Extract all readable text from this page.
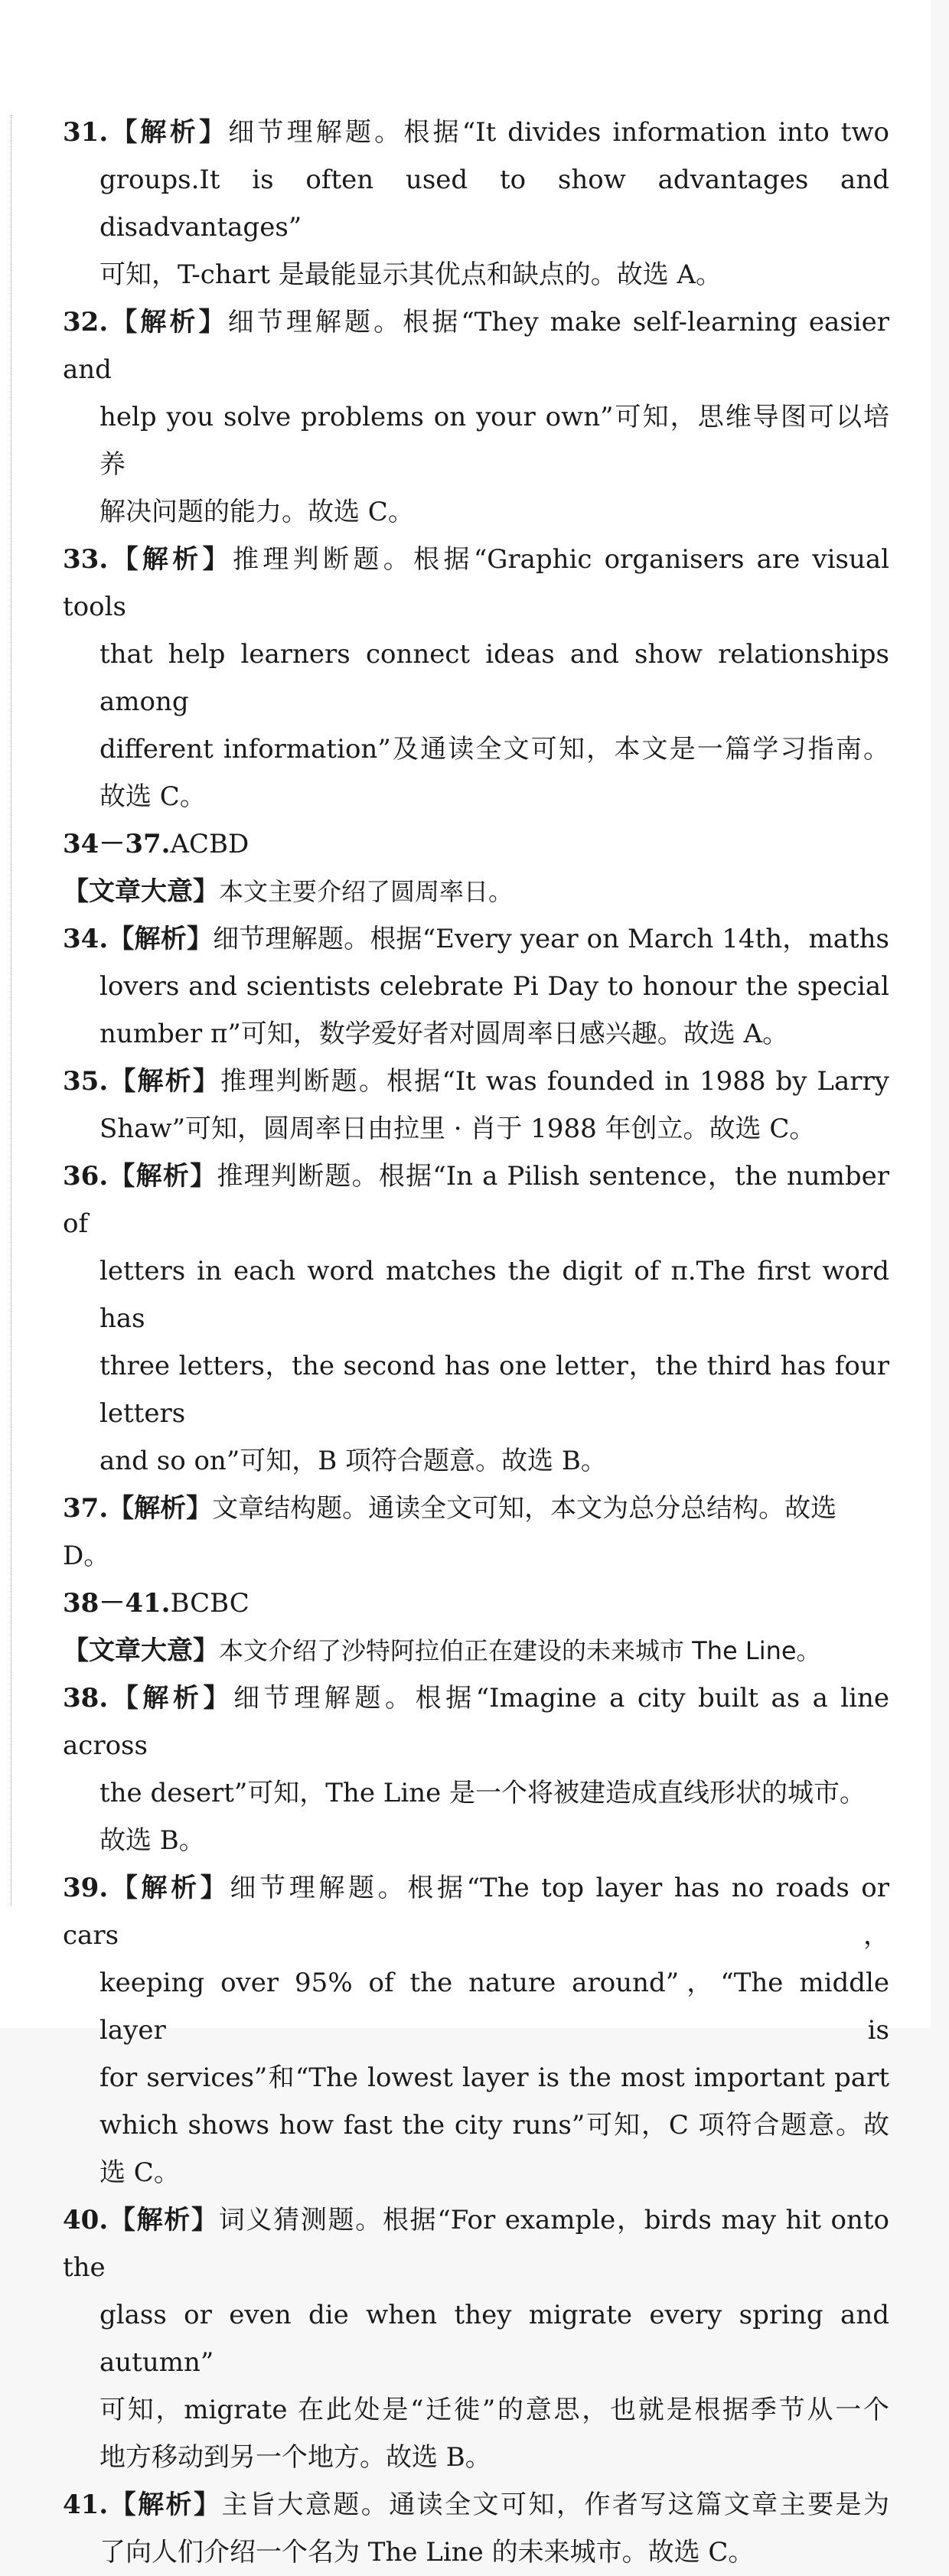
31.【解析】细节理解题。根据“It divides information into two

groups.It is often used to show advantages and disadvantages”

可知，T-chart 是最能显示其优点和缺点的。故选 A。

32.【解析】细节理解题。根据“They make self-learning easier and

help you solve problems on your own”可知，思维导图可以培养

解决问题的能力。故选 C。

33.【解析】推理判断题。根据“Graphic organisers are visual tools

that help learners connect ideas and show relationships among

different information”及通读全文可知，本文是一篇学习指南。

故选 C。

34－37.ACBD

【文章大意】本文主要介绍了圆周率日。

34.【解析】细节理解题。根据“Every year on March 14th，maths

lovers and scientists celebrate Pi Day to honour the special

number π”可知，数学爱好者对圆周率日感兴趣。故选 A。

35.【解析】推理判断题。根据“It was founded in 1988 by Larry

Shaw”可知，圆周率日由拉里 · 肖于 1988 年创立。故选 C。

36.【解析】推理判断题。根据“In a Pilish sentence，the number of

letters in each word matches the digit of π.The first word has

three letters，the second has one letter，the third has four letters

and so on”可知，B 项符合题意。故选 B。

37.【解析】文章结构题。通读全文可知，本文为总分总结构。故选 D。

38－41.BCBC

【文章大意】本文介绍了沙特阿拉伯正在建设的未来城市 The Line。

38.【解析】细节理解题。根据“Imagine a city built as a line across

the desert”可知，The Line 是一个将被建造成直线形状的城市。

故选 B。

39.【解析】细节理解题。根据“The top layer has no roads or cars，

keeping over 95% of the nature around”，“The middle layer is

for services”和“The lowest layer is the most important part

which shows how fast the city runs”可知，C 项符合题意。故

选 C。

40.【解析】词义猜测题。根据“For example，birds may hit onto the

glass or even die when they migrate every spring and autumn”

可知，migrate 在此处是“迁徙”的意思，也就是根据季节从一个

地方移动到另一个地方。故选 B。

41.【解析】主旨大意题。通读全文可知，作者写这篇文章主要是为

了向人们介绍一个名为 The Line 的未来城市。故选 C。
